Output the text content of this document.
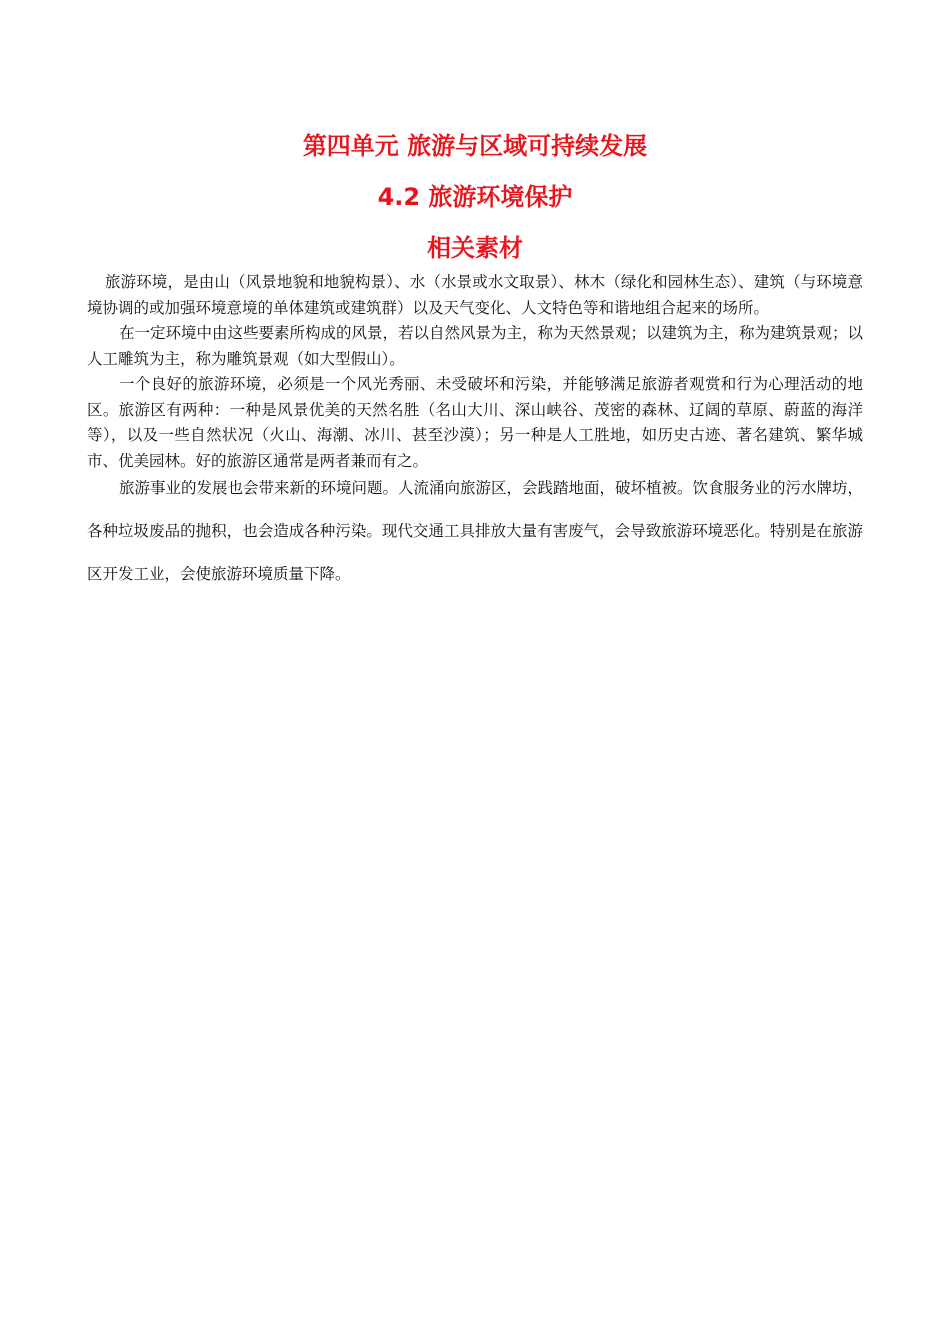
第四单元 旅游与区域可持续发展
4.2 旅游环境保护
相关素材

旅游环境，是由山（风景地貌和地貌构景）、水（水景或水文取景）、林木（绿化和园林生态）、建筑（与环境意境协调的或加强环境意境的单体建筑或建筑群）以及天气变化、人文特色等和谐地组合起来的场所。

在一定环境中由这些要素所构成的风景，若以自然风景为主，称为天然景观；以建筑为主，称为建筑景观；以人工雕筑为主，称为雕筑景观（如大型假山）。

一个良好的旅游环境，必须是一个风光秀丽、未受破坏和污染，并能够满足旅游者观赏和行为心理活动的地区。旅游区有两种：一种是风景优美的天然名胜（名山大川、深山峡谷、茂密的森林、辽阔的草原、蔚蓝的海洋等），以及一些自然状况（火山、海潮、冰川、甚至沙漠）；另一种是人工胜地，如历史古迹、著名建筑、繁华城市、优美园林。好的旅游区通常是两者兼而有之。

旅游事业的发展也会带来新的环境问题。人流涌向旅游区，会践踏地面，破坏植被。饮食服务业的污水牌坊，各种垃圾废品的抛积，也会造成各种污染。现代交通工具排放大量有害废气，会导致旅游环境恶化。特别是在旅游区开发工业，会使旅游环境质量下降。
